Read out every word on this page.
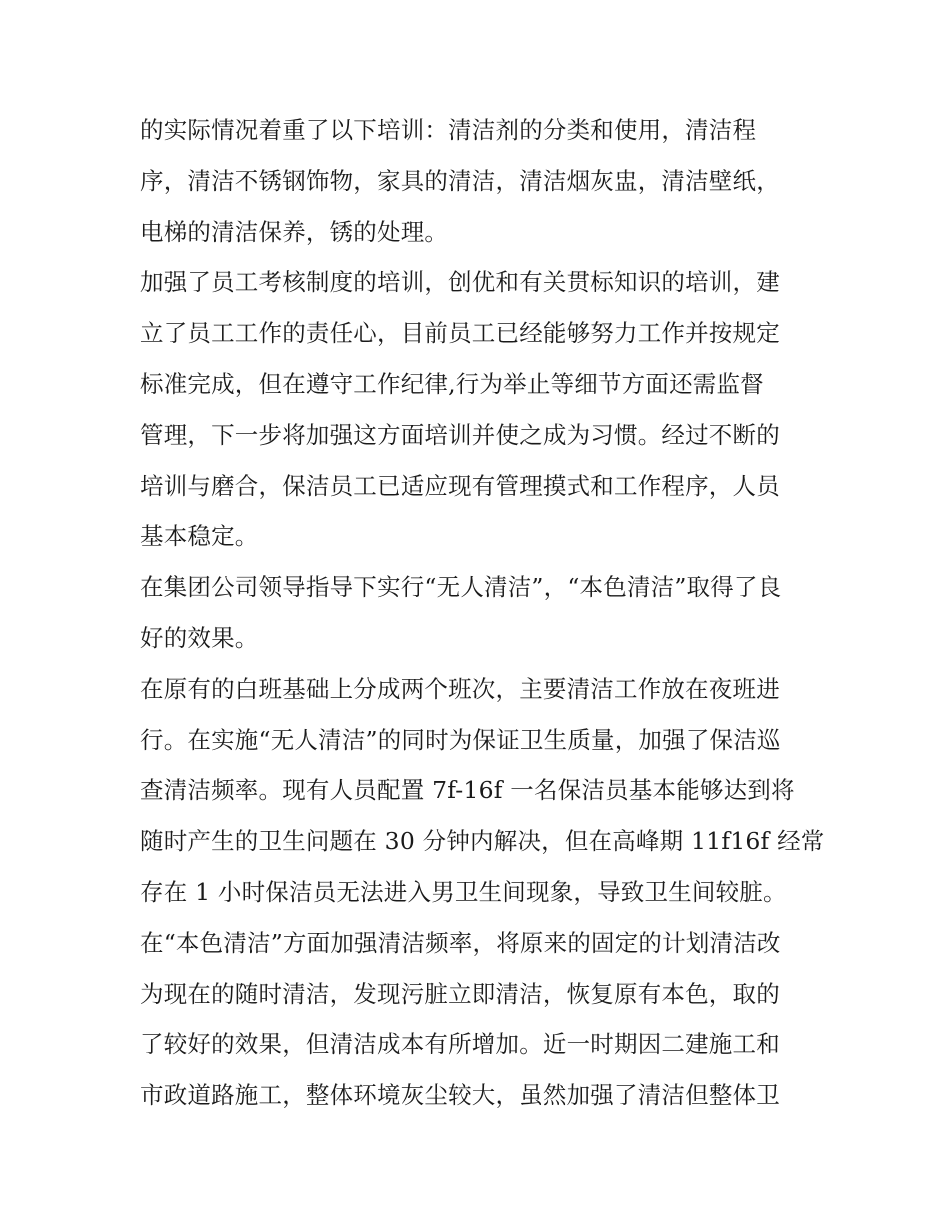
的实际情况着重了以下培训：清洁剂的分类和使用，清洁程
序，清洁不锈钢饰物，家具的清洁，清洁烟灰盅，清洁壁纸，
电梯的清洁保养，锈的处理。
加强了员工考核制度的培训，创优和有关贯标知识的培训，建
立了员工工作的责任心，目前员工已经能够努力工作并按规定
标准完成，但在遵守工作纪律,行为举止等细节方面还需监督
管理，下一步将加强这方面培训并使之成为习惯。经过不断的
培训与磨合，保洁员工已适应现有管理摸式和工作程序，人员
基本稳定。
在集团公司领导指导下实行“无人清洁”，“本色清洁”取得了良
好的效果。
在原有的白班基础上分成两个班次，主要清洁工作放在夜班进
行。在实施“无人清洁”的同时为保证卫生质量，加强了保洁巡
查清洁频率。现有人员配置 7f-16f 一名保洁员基本能够达到将
随时产生的卫生问题在 30 分钟内解决，但在高峰期 11f16f 经常
存在 1 小时保洁员无法进入男卫生间现象，导致卫生间较脏。
在“本色清洁”方面加强清洁频率，将原来的固定的计划清洁改
为现在的随时清洁，发现污脏立即清洁，恢复原有本色，取的
了较好的效果，但清洁成本有所增加。近一时期因二建施工和
市政道路施工，整体环境灰尘较大，虽然加强了清洁但整体卫
